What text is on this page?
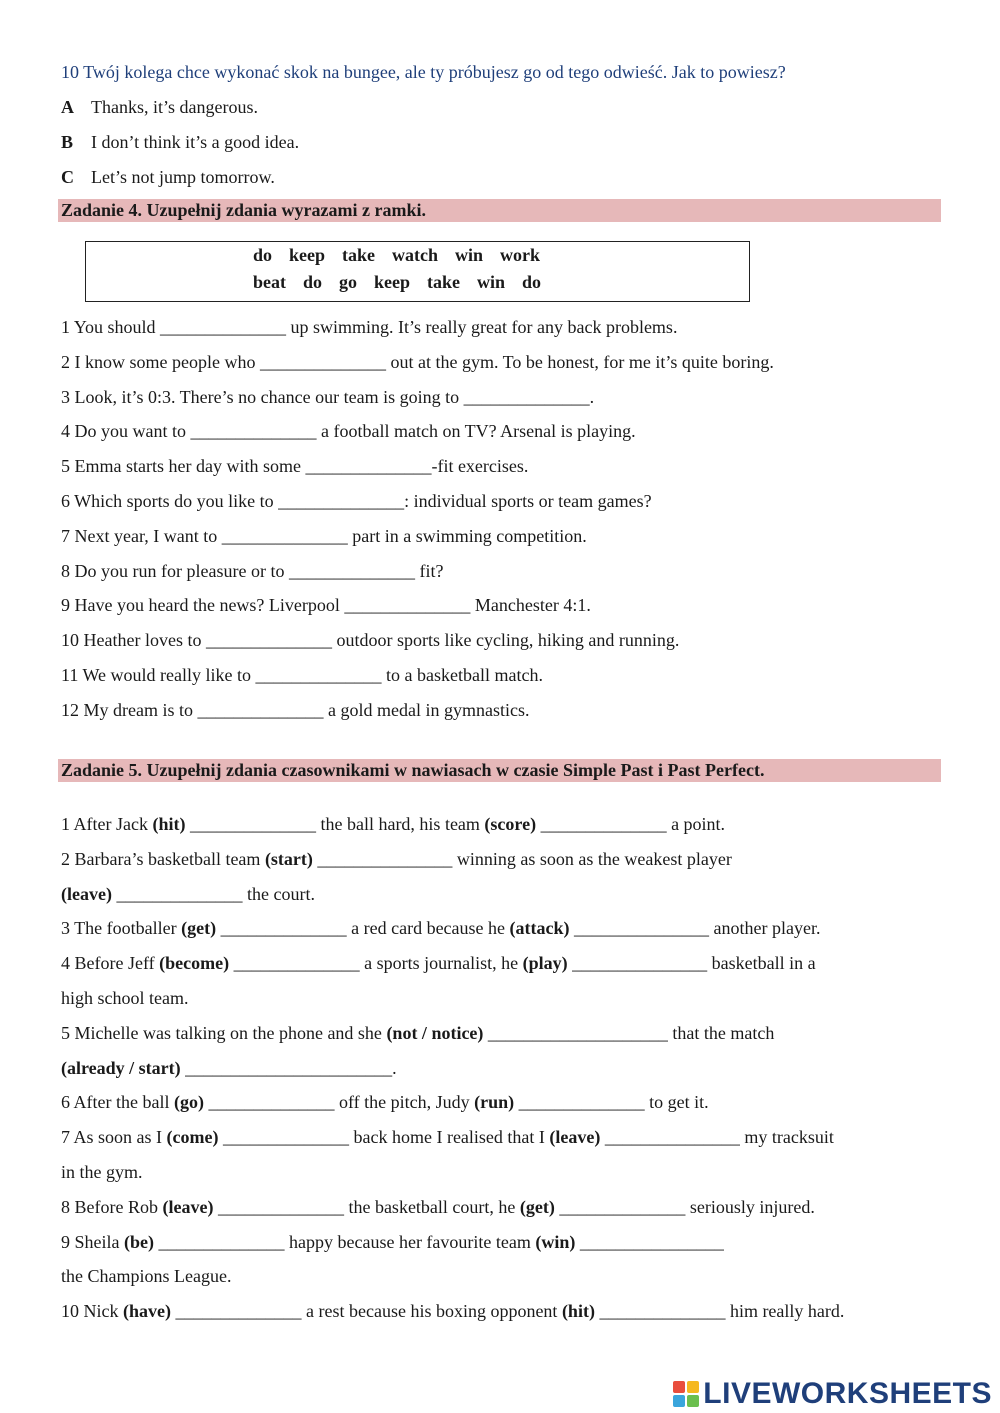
10 Twój kolega chce wykonać skok na bungee, ale ty próbujesz go od tego odwieść. Jak to powiesz?
A Thanks, it’s dangerous.
B I don’t think it’s a good idea.
C Let’s not jump tomorrow.
Zadanie 4. Uzupełnij zdania wyrazami z ramki.
do keep take watch win work
beat do go keep take win do
1 You should ______________ up swimming. It’s really great for any back problems.
2 I know some people who ______________ out at the gym. To be honest, for me it’s quite boring.
3 Look, it’s 0:3. There’s no chance our team is going to ______________.
4 Do you want to ______________ a football match on TV? Arsenal is playing.
5 Emma starts her day with some ______________-fit exercises.
6 Which sports do you like to ______________: individual sports or team games?
7 Next year, I want to ______________ part in a swimming competition.
8 Do you run for pleasure or to ______________ fit?
9 Have you heard the news? Liverpool ______________ Manchester 4:1.
10 Heather loves to ______________ outdoor sports like cycling, hiking and running.
11 We would really like to ______________ to a basketball match.
12 My dream is to ______________ a gold medal in gymnastics.
Zadanie 5. Uzupełnij zdania czasownikami w nawiasach w czasie Simple Past i Past Perfect.
1 After Jack (hit) ______________ the ball hard, his team (score) ______________ a point.
2 Barbara’s basketball team (start) _______________ winning as soon as the weakest player
(leave) ______________ the court.
3 The footballer (get) ______________ a red card because he (attack) _______________ another player.
4 Before Jeff (become) ______________ a sports journalist, he (play) _______________ basketball in a
high school team.
5 Michelle was talking on the phone and she (not / notice) ____________________ that the match
(already / start) _______________________.
6 After the ball (go) ______________ off the pitch, Judy (run) ______________ to get it.
7 As soon as I (come) ______________ back home I realised that I (leave) _______________ my tracksuit
in the gym.
8 Before Rob (leave) ______________ the basketball court, he (get) ______________ seriously injured.
9 Sheila (be) ______________ happy because her favourite team (win) ________________
the Champions League.
10 Nick (have) ______________ a rest because his boxing opponent (hit) ______________ him really hard.
LIVEWORKSHEETS
